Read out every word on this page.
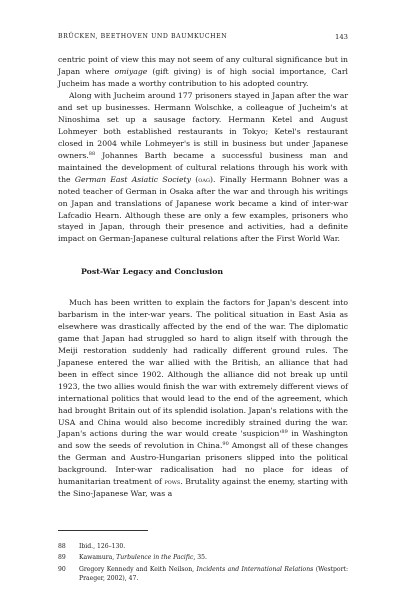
BRÜCKEN, BEETHOVEN UND BAUMKUCHEN	143

centric point of view this may not seem of any cultural significance but in Japan where omiyage (gift giving) is of high social importance, Carl Jucheim has made a worthy contribution to his adopted country.

Along with Jucheim around 177 prisoners stayed in Japan after the war and set up businesses. Hermann Wolschke, a colleague of Jucheim's at Ninoshima set up a sausage factory. Hermann Ketel and August Lohmeyer both established restaurants in Tokyo; Ketel's restaurant closed in 2004 while Lohmeyer's is still in business but under Japanese owners.$^{88}$ Johannes Barth became a successful business man and maintained the development of cultural relations through his work with the German East Asiatic Society (oag). Finally Hermann Bohner was a noted teacher of German in Osaka after the war and through his writings on Japan and translations of Japanese work became a kind of inter-war Lafcadio Hearn. Although these are only a few examples, prisoners who stayed in Japan, through their presence and activities, had a definite impact on German-Japanese cultural relations after the First World War.

Post-War Legacy and Conclusion

Much has been written to explain the factors for Japan's descent into barbarism in the inter-war years. The political situation in East Asia as elsewhere was drastically affected by the end of the war. The diplomatic game that Japan had struggled so hard to align itself with through the Meiji restoration suddenly had radically different ground rules. The Japanese entered the war allied with the British, an alliance that had been in effect since 1902. Although the alliance did not break up until 1923, the two allies would finish the war with extremely different views of international politics that would lead to the end of the agreement, which had brought Britain out of its splendid isolation. Japan's relations with the USA and China would also become incredibly strained during the war. Japan's actions during the war would create '$suspicion'^{89}$ in Washington and sow the seeds of revolution in China.$^{90}$ Amongst all of these changes the German and Austro-Hungarian prisoners slipped into the political background. Inter-war radicalisation had no place for ideas of humanitarian treatment of pows. Brutality against the enemy, starting with the Sino-Japanese War, was a

88 Ibid., 126–130.
89 Kawamura, Turbulence in the Pacific, 35.
90 Gregory Kennedy and Keith Neilson, Incidents and International Relations (Westport: Praeger, 2002), 47.
